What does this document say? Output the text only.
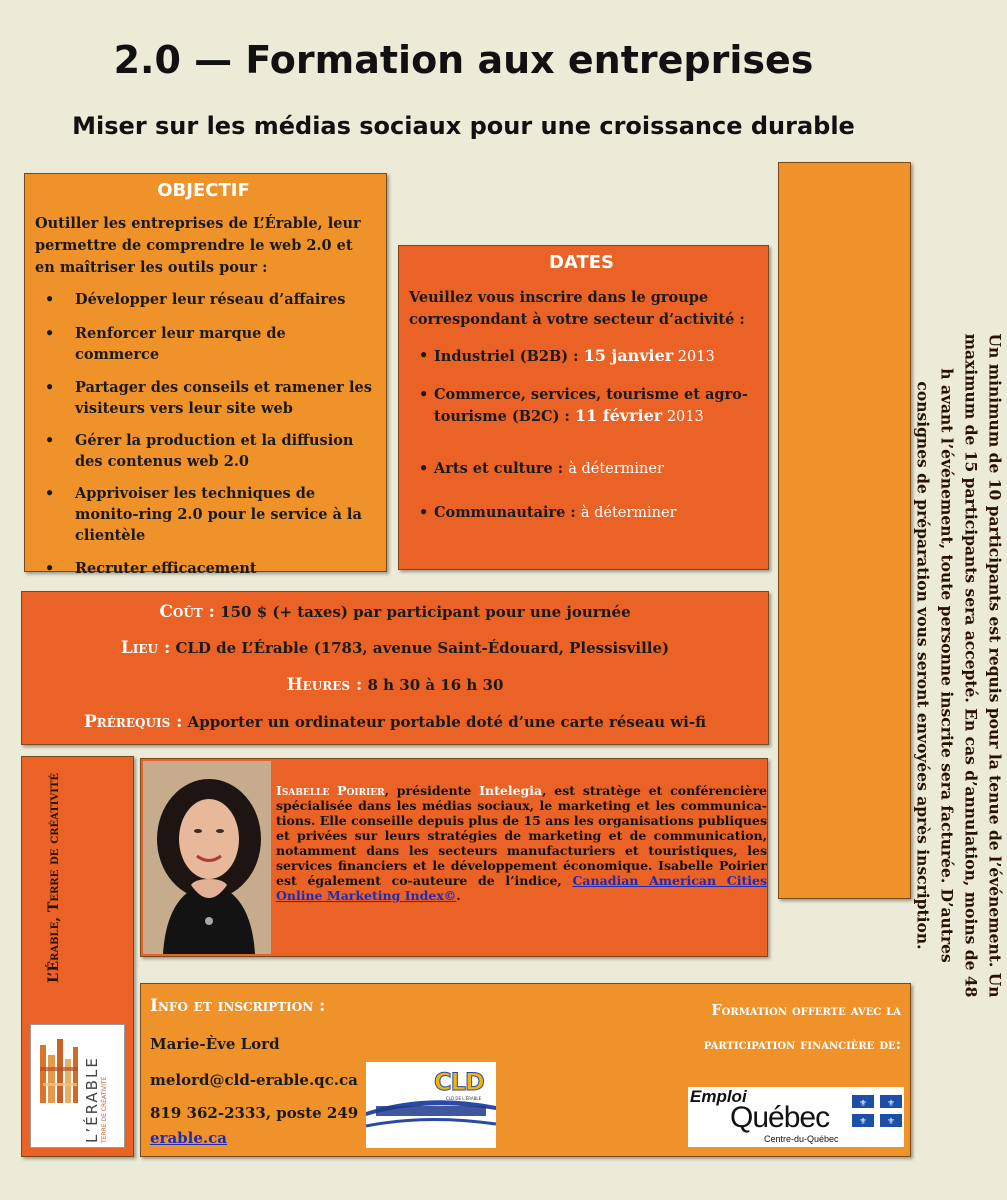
2.0 — Formation aux entreprises
Miser sur les médias sociaux pour une croissance durable
OBJECTIF
Outiller les entreprises de L’Érable, leur permettre de comprendre le web 2.0 et en maîtriser les outils pour :
• Développer leur réseau d’affaires
• Renforcer leur marque de commerce
• Partager des conseils et ramener les visiteurs vers leur site web
• Gérer la production et la diffusion des contenus web 2.0
• Apprivoiser les techniques de monito-ring 2.0 pour le service à la clientèle
• Recruter efficacement
DATES
Veuillez vous inscrire dans le groupe correspondant à votre secteur d’activité :
• Industriel (B2B) : 15 janvier 2013
• Commerce, services, tourisme et agro-tourisme (B2C) : 11 février 2013
• Arts et culture : à déterminer
• Communautaire : à déterminer	Un minimum de 10 participants est requis pour la tenue de l’événement. Un maximum de 15 participants sera accepté. En cas d’annulation, moins de 48 h avant l’événement, toute personne inscrite sera facturée. D’autres consignes de préparation vous seront envoyées après inscription.
Coût : 150 $ (+ taxes) par participant pour une journée
Lieu : CLD de L’Érable (1783, avenue Saint-Édouard, Plessisville)
Heures : 8 h 30 à 16 h 30
Prérequis : Apporter un ordinateur portable doté d’une carte réseau wi-fi
L’Érable, Terre de créativité
L’ÉRABLE TERRE DE CRÉATIVITÉ
Isabelle Poirier, présidente Intelegia, est stratège et conférencière spécialisée dans les médias sociaux, le marketing et les communica-tions. Elle conseille depuis plus de 15 ans les organisations publiques et privées sur leurs stratégies de marketing et de communication, notamment dans les secteurs manufacturiers et touristiques, les services financiers et le développement économique. Isabelle Poirier est également co-auteure de l’indice, Canadian American Cities Online Marketing Index©.
Info et inscription :
Marie-Ève Lord
melord@cld-erable.qc.ca
819 362-2333, poste 249
erable.ca
CLD
CLD DE L’ÉRABLE
Formation offerte avec la
participation financière de:
Emploi
Québec
Centre-du-Québec
⚜ ⚜
⚜ ⚜
